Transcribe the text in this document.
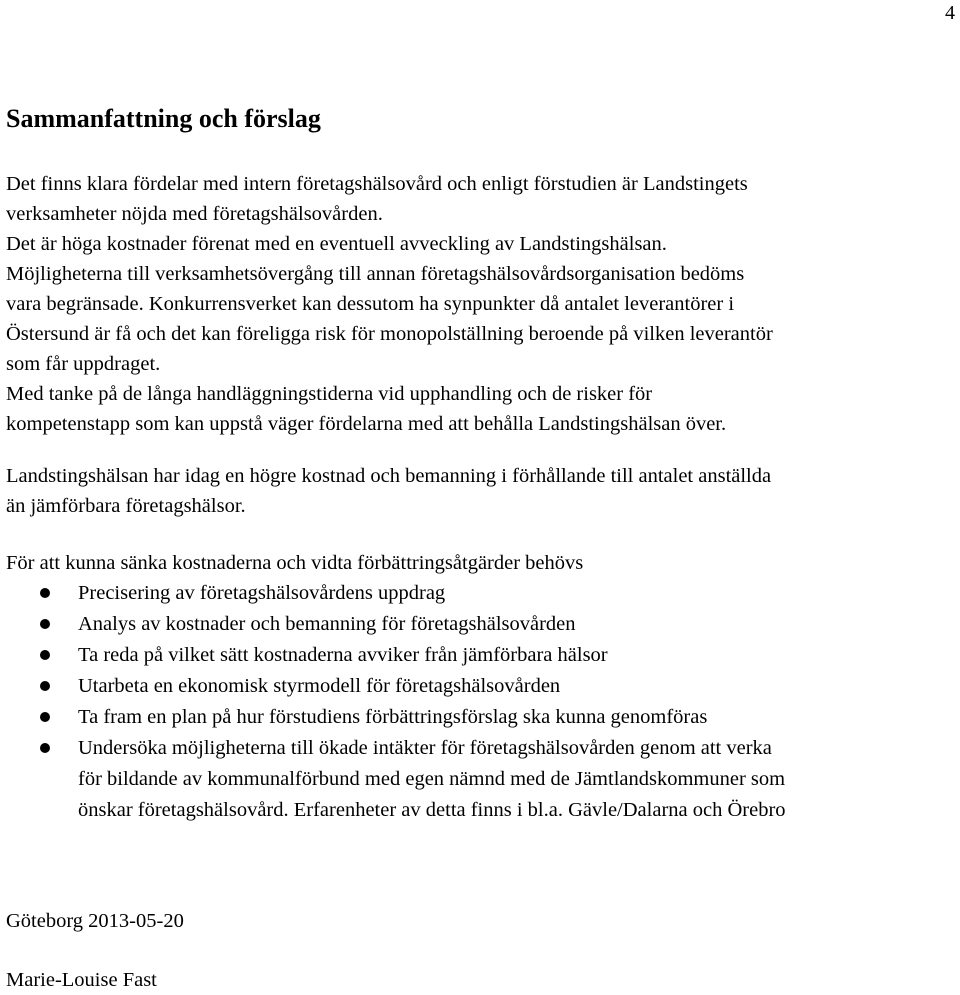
4
Sammanfattning och förslag

Det finns klara fördelar med intern företagshälsovård och enligt förstudien är Landstingets
verksamheter nöjda med företagshälsovården.
Det är höga kostnader förenat med en eventuell avveckling av Landstingshälsan.
Möjligheterna till verksamhetsövergång till annan företagshälsovårdsorganisation bedöms
vara begränsade. Konkurrensverket kan dessutom ha synpunkter då antalet leverantörer i
Östersund är få och det kan föreligga risk för monopolställning beroende på vilken leverantör
som får uppdraget.
Med tanke på de långa handläggningstiderna vid upphandling och de risker för
kompetenstapp som kan uppstå väger fördelarna med att behålla Landstingshälsan över.

Landstingshälsan har idag en högre kostnad och bemanning i förhållande till antalet anställda
än jämförbara företagshälsor.

För att kunna sänka kostnaderna och vidta förbättringsåtgärder behövs

Precisering av företagshälsovårdens uppdrag
Analys av kostnader och bemanning för företagshälsovården
Ta reda på vilket sätt kostnaderna avviker från jämförbara hälsor
Utarbeta en ekonomisk styrmodell för företagshälsovården
Ta fram en plan på hur förstudiens förbättringsförslag ska kunna genomföras
Undersöka möjligheterna till ökade intäkter för företagshälsovården genom att verka
för bildande av kommunalförbund med egen nämnd med de Jämtlandskommuner som
önskar företagshälsovård. Erfarenheter av detta finns i bl.a. Gävle/Dalarna och Örebro

Göteborg 2013-05-20

Marie-Louise Fast
